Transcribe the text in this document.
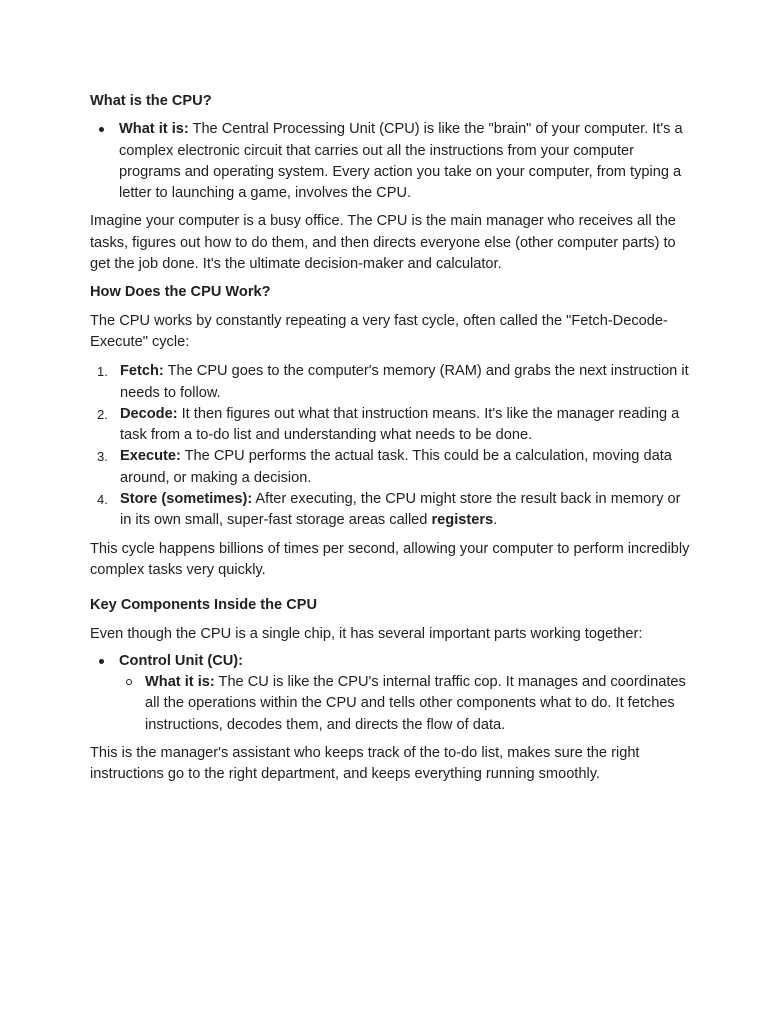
What is the CPU?
What it is: The Central Processing Unit (CPU) is like the "brain" of your computer. It's a complex electronic circuit that carries out all the instructions from your computer programs and operating system. Every action you take on your computer, from typing a letter to launching a game, involves the CPU.

Imagine your computer is a busy office. The CPU is the main manager who receives all the tasks, figures out how to do them, and then directs everyone else (other computer parts) to get the job done. It's the ultimate decision-maker and calculator.

How Does the CPU Work?

The CPU works by constantly repeating a very fast cycle, often called the "Fetch-Decode-Execute" cycle:

1. Fetch: The CPU goes to the computer's memory (RAM) and grabs the next instruction it needs to follow.
2. Decode: It then figures out what that instruction means. It's like the manager reading a task from a to-do list and understanding what needs to be done.
3. Execute: The CPU performs the actual task. This could be a calculation, moving data around, or making a decision.
4. Store (sometimes): After executing, the CPU might store the result back in memory or in its own small, super-fast storage areas called registers.

This cycle happens billions of times per second, allowing your computer to perform incredibly complex tasks very quickly.

Key Components Inside the CPU

Even though the CPU is a single chip, it has several important parts working together:

Control Unit (CU):
What it is: The CU is like the CPU's internal traffic cop. It manages and coordinates all the operations within the CPU and tells other components what to do. It fetches instructions, decodes them, and directs the flow of data.

This is the manager's assistant who keeps track of the to-do list, makes sure the right instructions go to the right department, and keeps everything running smoothly.
